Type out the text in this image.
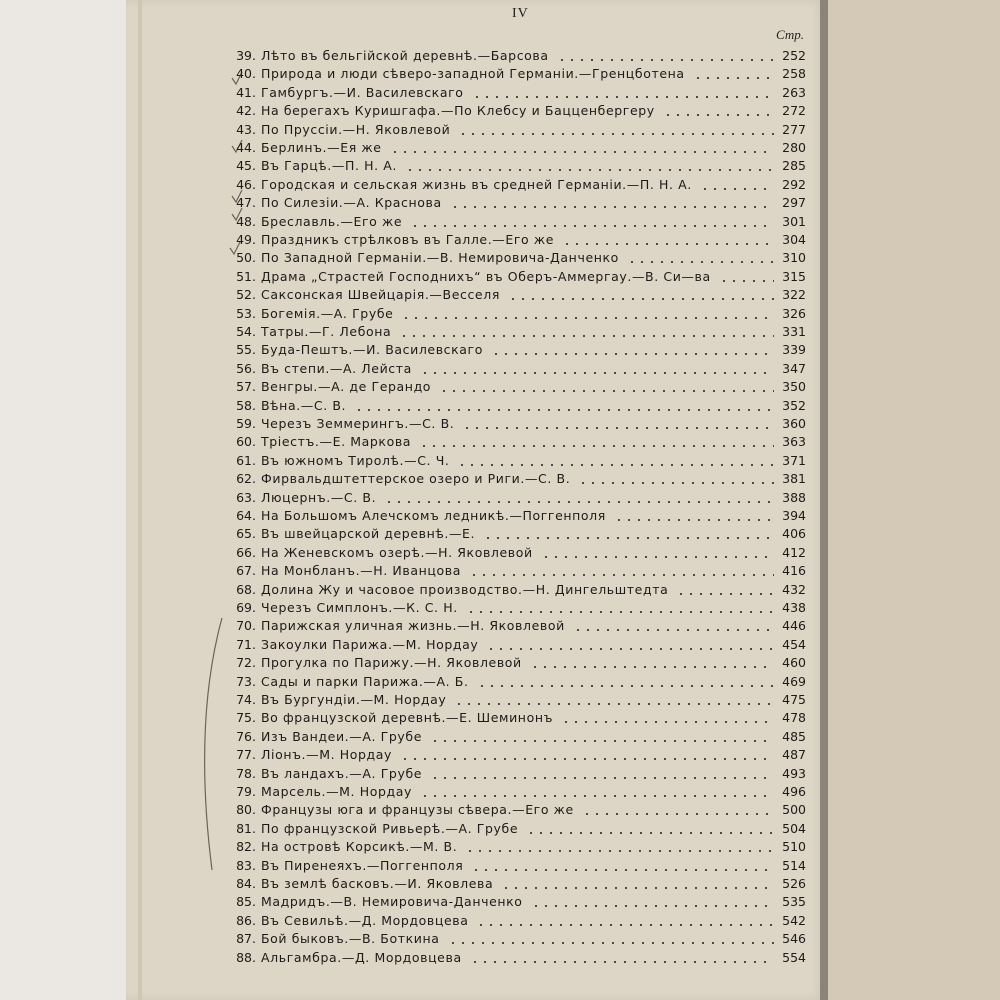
IV
Стр.
39. Лѣто въ бельгійской деревнѣ.—Барсова	252
40. Природа и люди сѣверо-западной Германіи.—Гренцботена	258
41. Гамбургъ.—И. Василевскаго	263
42. На берегахъ Куришгафа.—По Клебсу и Бацценбергеру	272
43. По Пруссіи.—Н. Яковлевой	277
44. Берлинъ.—Ея же	280
45. Въ Гарцѣ.—П. Н. А.	285
46. Городская и сельская жизнь въ средней Германіи.—П. Н. А.	292
47. По Силезіи.—А. Краснова	297
48. Бреславль.—Его же	301
49. Праздникъ стрѣлковъ въ Галле.—Его же	304
50. По Западной Германіи.—В. Немировича-Данченко	310
51. Драма „Страстей Господнихъ“ въ Оберъ-Аммергау.—В. Си—ва	315
52. Саксонская Швейцарія.—Весселя	322
53. Богемія.—А. Грубе	326
54. Татры.—Г. Лебона	331
55. Буда-Пештъ.—И. Василевскаго	339
56. Въ степи.—А. Лейста	347
57. Венгры.—А. де Герандо	350
58. Вѣна.—С. В.	352
59. Черезъ Земмерингъ.—С. В.	360
60. Тріестъ.—Е. Маркова	363
61. Въ южномъ Тиролѣ.—С. Ч.	371
62. Фирвальдштеттерское озеро и Риги.—С. В.	381
63. Люцернъ.—С. В.	388
64. На Большомъ Алечскомъ ледникѣ.—Поггенполя	394
65. Въ швейцарской деревнѣ.—Е.	406
66. На Женевскомъ озерѣ.—Н. Яковлевой	412
67. На Монбланъ.—Н. Иванцова	416
68. Долина Жу и часовое производство.—Н. Дингельштедта	432
69. Черезъ Симплонъ.—К. С. Н.	438
70. Парижская уличная жизнь.—Н. Яковлевой	446
71. Закоулки Парижа.—М. Нордау	454
72. Прогулка по Парижу.—Н. Яковлевой	460
73. Сады и парки Парижа.—А. Б.	469
74. Въ Бургундіи.—М. Нордау	475
75. Во французской деревнѣ.—Е. Шеминонъ	478
76. Изъ Вандеи.—А. Грубе	485
77. Ліонъ.—М. Нордау	487
78. Въ ландахъ.—А. Грубе	493
79. Марсель.—М. Нордау	496
80. Французы юга и французы сѣвера.—Его же	500
81. По французской Ривьерѣ.—А. Грубе	504
82. На островѣ Корсикѣ.—М. В.	510
83. Въ Пиренеяхъ.—Поггенполя	514
84. Въ землѣ басковъ.—И. Яковлева	526
85. Мадридъ.—В. Немировича-Данченко	535
86. Въ Севильѣ.—Д. Мордовцева	542
87. Бой быковъ.—В. Боткина	546
88. Альгамбра.—Д. Мордовцева	554
